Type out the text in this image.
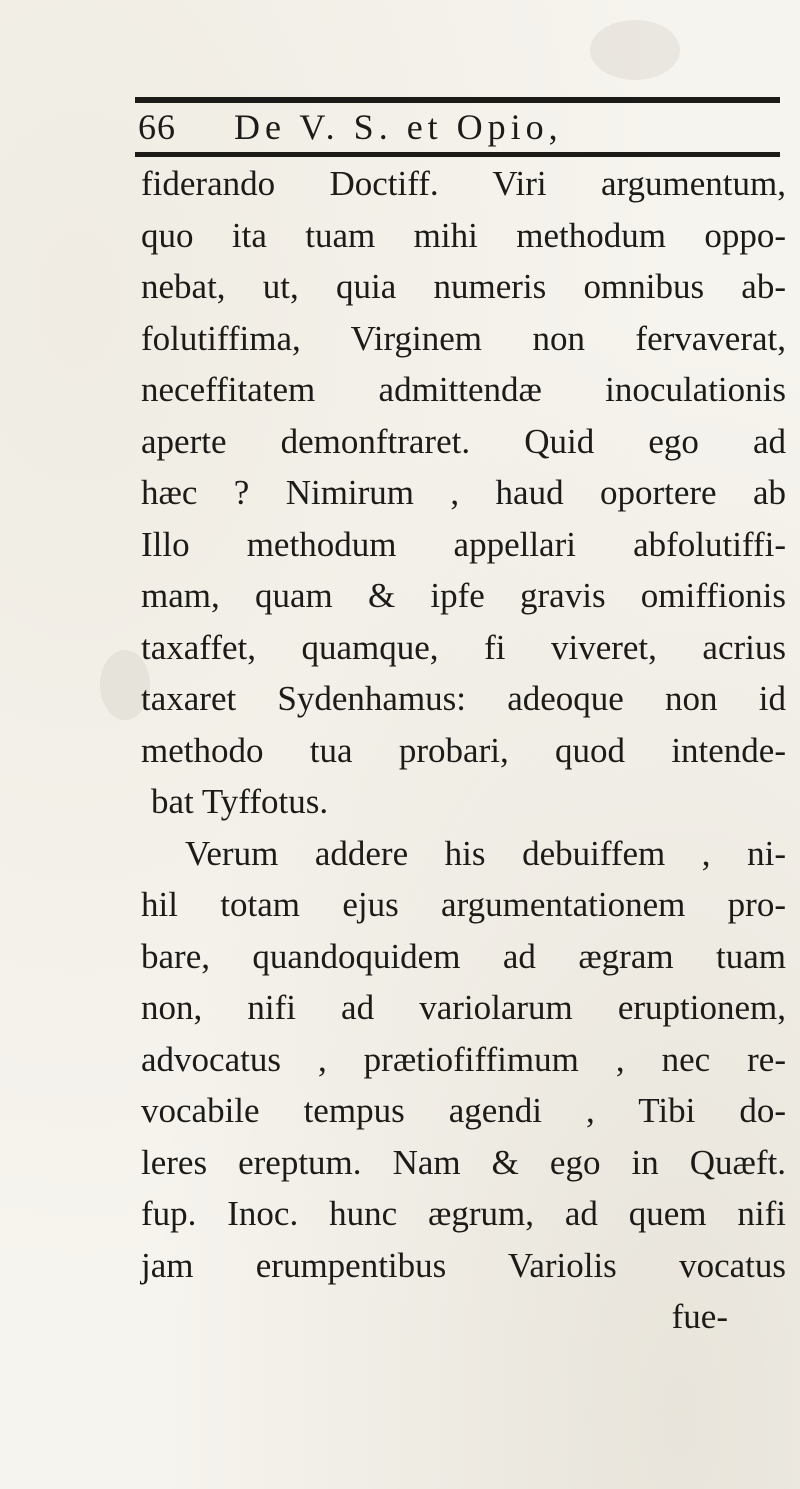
66 De V. S. et Opio,
fiderando Doctiff. Viri argumentum,
quo ita tuam mihi methodum oppo-
nebat, ut, quia numeris omnibus ab-
folutiffima, Virginem non fervaverat,
neceffitatem admittendæ inoculationis
aperte demonftraret. Quid ego ad
hæc ? Nimirum , haud oportere ab
Illo methodum appellari abfolutiffi-
mam, quam & ipfe gravis omiffionis
taxaffet, quamque, fi viveret, acrius
taxaret Sydenhamus: adeoque non id
methodo tua probari, quod intende-
bat Tyffotus.
Verum addere his debuiffem , ni-
hil totam ejus argumentationem pro-
bare, quandoquidem ad ægram tuam
non, nifi ad variolarum eruptionem,
advocatus , prætiofiffimum , nec re-
vocabile tempus agendi , Tibi do-
leres ereptum. Nam & ego in Quæft.
fup. Inoc. hunc ægrum, ad quem nifi
jam erumpentibus Variolis vocatus
fue-
